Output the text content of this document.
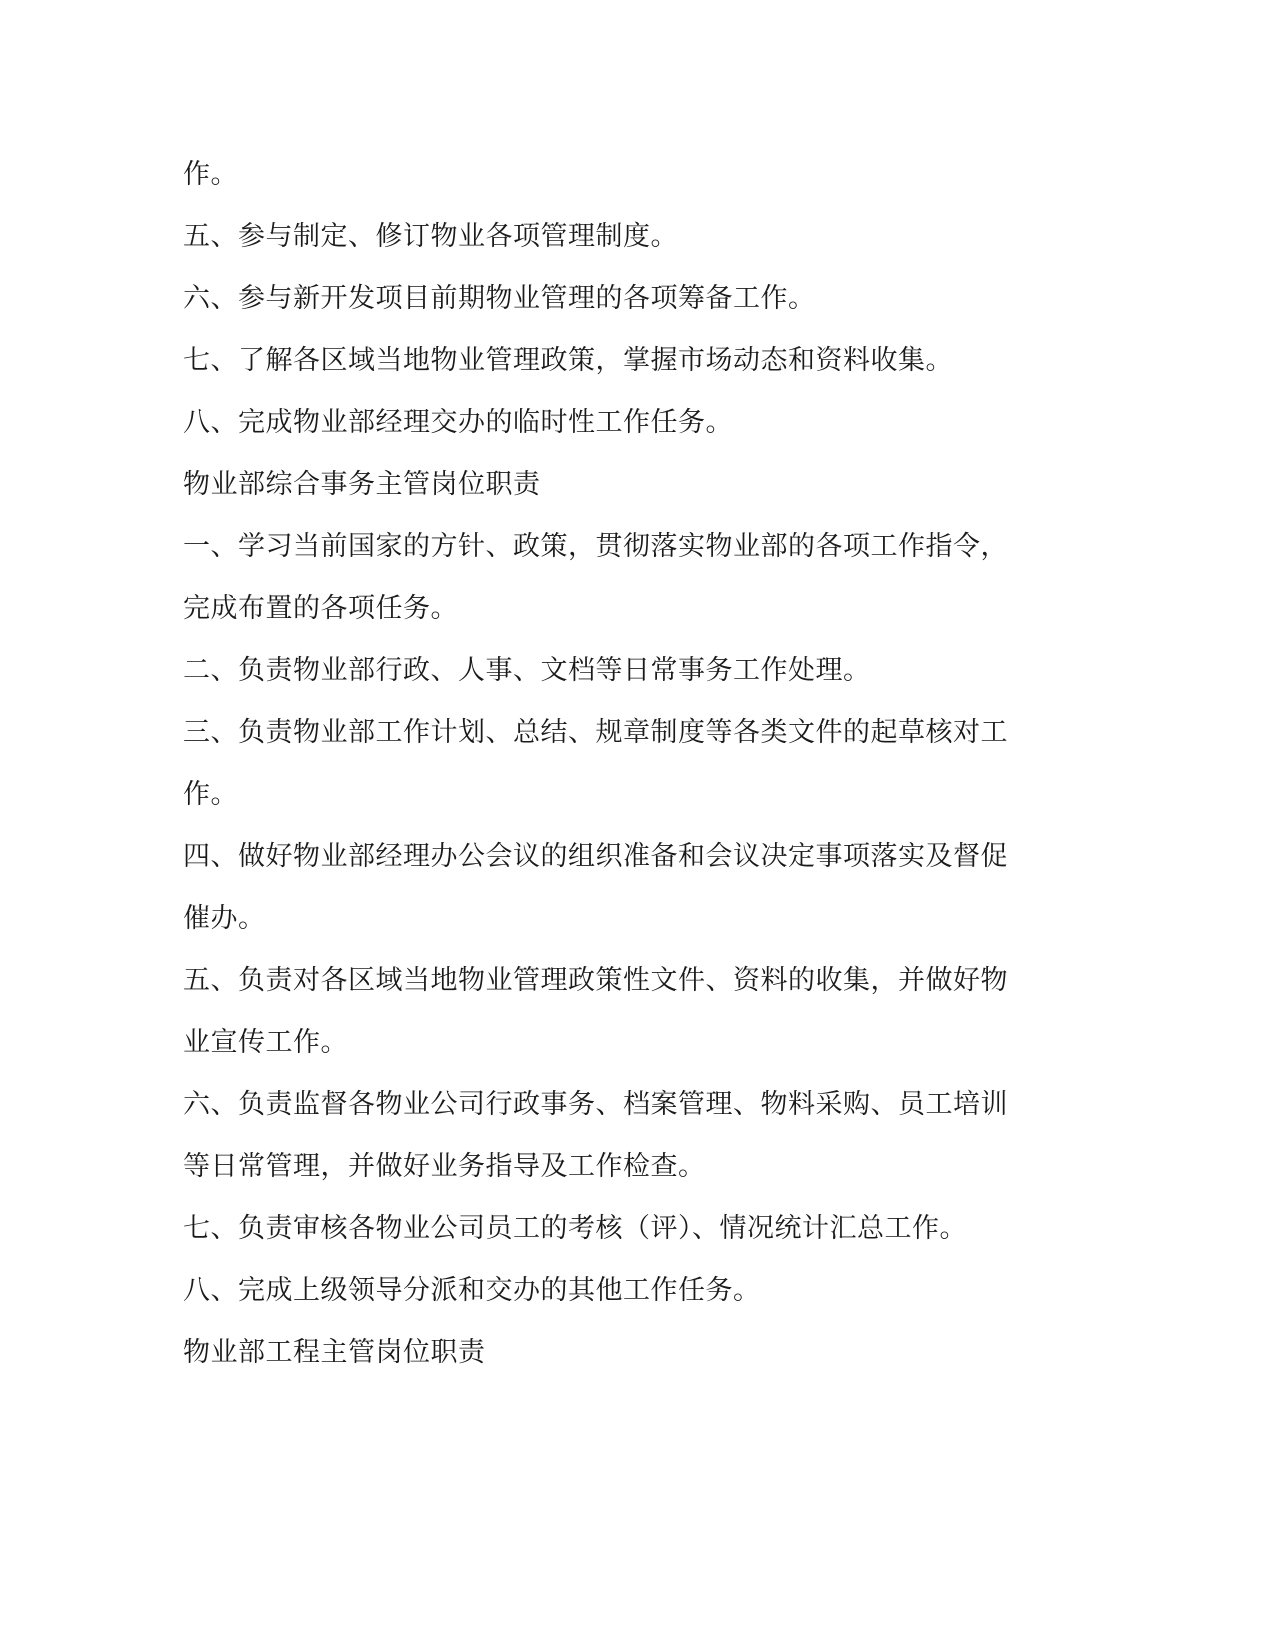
作。
五、参与制定、修订物业各项管理制度。
六、参与新开发项目前期物业管理的各项筹备工作。
七、了解各区域当地物业管理政策，掌握市场动态和资料收集。
八、完成物业部经理交办的临时性工作任务。
物业部综合事务主管岗位职责
一、学习当前国家的方针、政策，贯彻落实物业部的各项工作指令，
完成布置的各项任务。
二、负责物业部行政、人事、文档等日常事务工作处理。
三、负责物业部工作计划、总结、规章制度等各类文件的起草核对工
作。
四、做好物业部经理办公会议的组织准备和会议决定事项落实及督促
催办。
五、负责对各区域当地物业管理政策性文件、资料的收集，并做好物
业宣传工作。
六、负责监督各物业公司行政事务、档案管理、物料采购、员工培训
等日常管理，并做好业务指导及工作检查。
七、负责审核各物业公司员工的考核（评）、情况统计汇总工作。
八、完成上级领导分派和交办的其他工作任务。
物业部工程主管岗位职责
